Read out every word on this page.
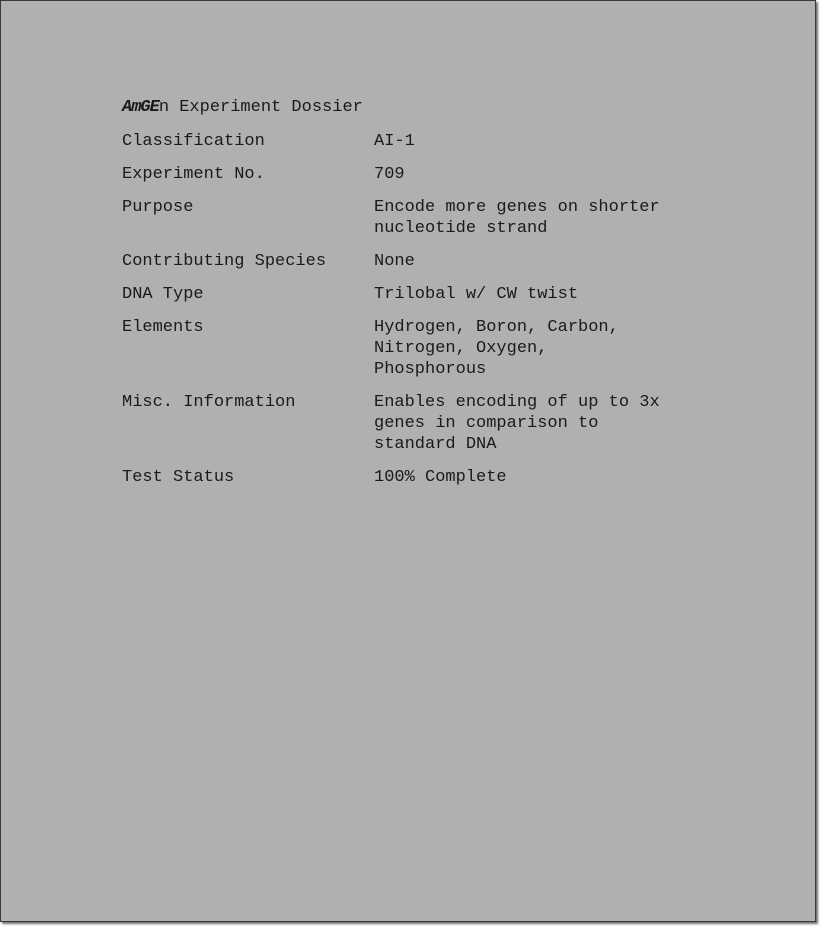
AmGEn Experiment Dossier
Classification	AI-1
Experiment No.	709
Purpose	Encode more genes on shorter
nucleotide strand
Contributing Species	None
DNA Type	Trilobal w/ CW twist
Elements	Hydrogen, Boron, Carbon,
Nitrogen, Oxygen,
Phosphorous
Misc. Information	Enables encoding of up to 3x
genes in comparison to
standard DNA
Test Status	100% Complete
